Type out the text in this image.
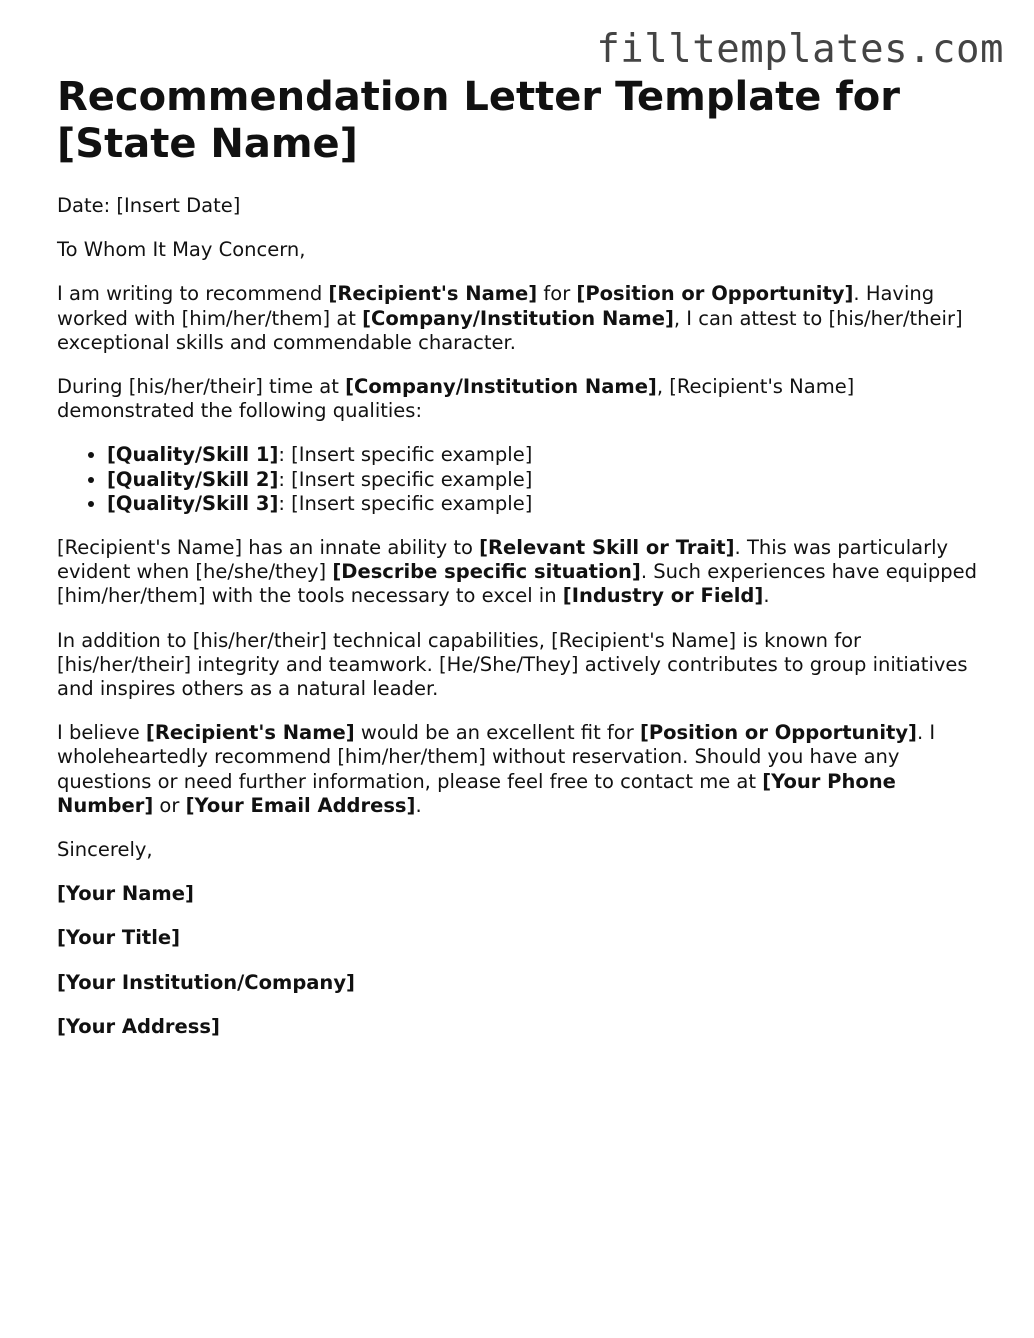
filltemplates.com
Recommendation Letter Template for [State Name]

Date: [Insert Date]

To Whom It May Concern,

I am writing to recommend [Recipient's Name] for [Position or Opportunity]. Having worked with [him/her/them] at [Company/Institution Name], I can attest to [his/her/their] exceptional skills and commendable character.

During [his/her/their] time at [Company/Institution Name], [Recipient's Name] demonstrated the following qualities:

• [Quality/Skill 1]: [Insert specific example]
• [Quality/Skill 2]: [Insert specific example]
• [Quality/Skill 3]: [Insert specific example]

[Recipient's Name] has an innate ability to [Relevant Skill or Trait]. This was particularly evident when [he/she/they] [Describe specific situation]. Such experiences have equipped [him/her/them] with the tools necessary to excel in [Industry or Field].

In addition to [his/her/their] technical capabilities, [Recipient's Name] is known for [his/her/their] integrity and teamwork. [He/She/They] actively contributes to group initiatives and inspires others as a natural leader.

I believe [Recipient's Name] would be an excellent fit for [Position or Opportunity]. I wholeheartedly recommend [him/her/them] without reservation. Should you have any questions or need further information, please feel free to contact me at [Your Phone Number] or [Your Email Address].

Sincerely,

[Your Name]

[Your Title]

[Your Institution/Company]

[Your Address]
